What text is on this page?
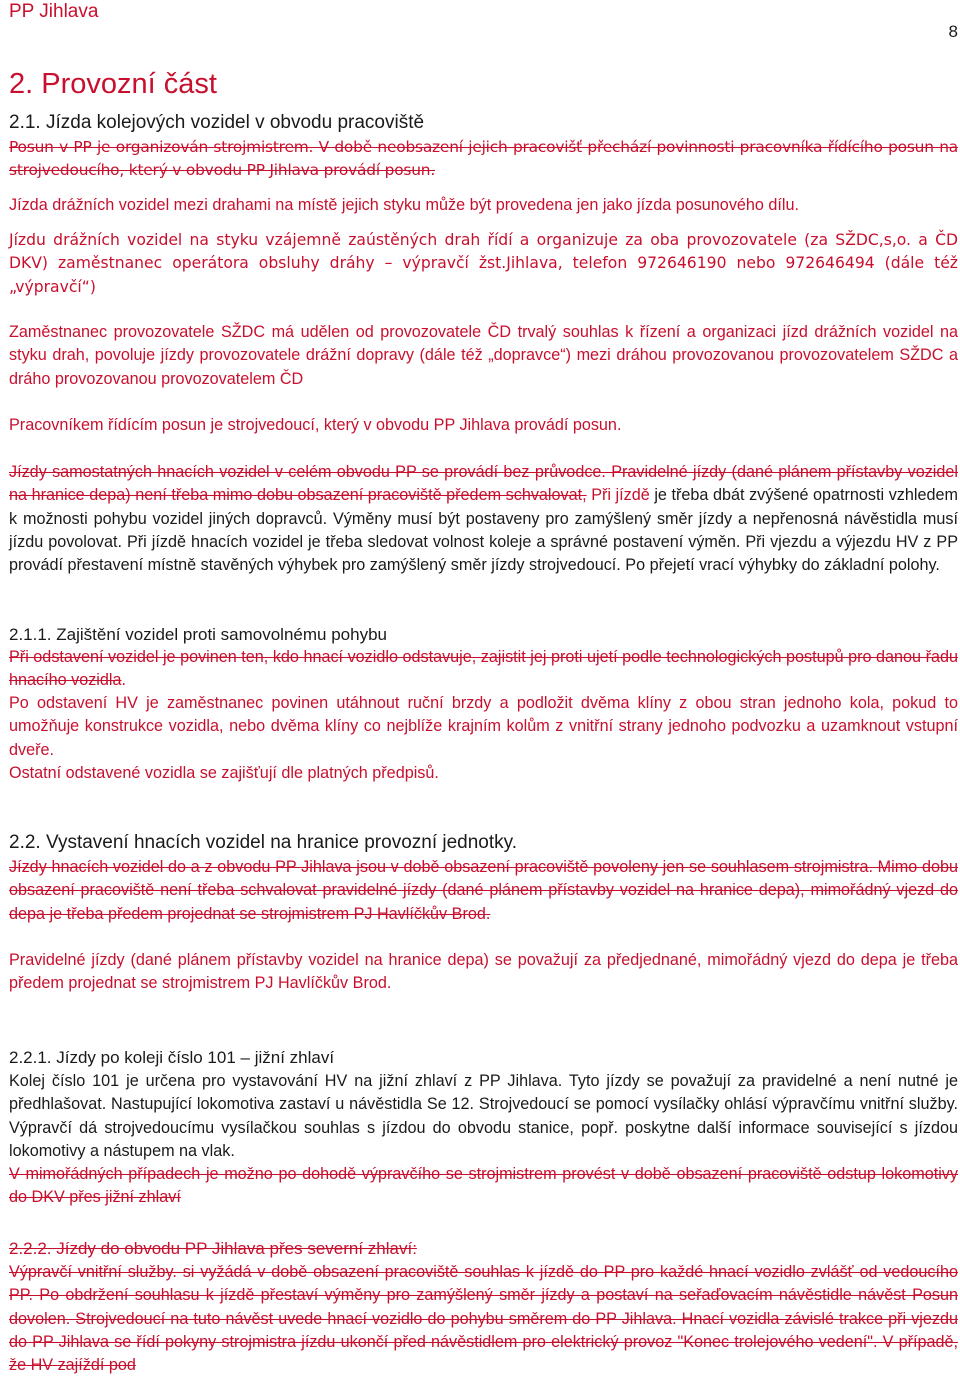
PP Jihlava
8
2. Provozní část
2.1. Jízda kolejových vozidel v obvodu pracoviště

Posun v PP je organizován strojmistrem. V době neobsazení jejich pracovišť přechází povinnosti pracovníka řídícího posun na strojvedoucího, který v obvodu PP Jihlava provádí posun.

Jízda drážních vozidel mezi drahami na místě jejich styku může být provedena jen jako jízda posunového dílu.

Jízdu drážních vozidel na styku vzájemně zaústěných drah řídí a organizuje za oba provozovatele (za SŽDC,s,o. a ČD DKV) zaměstnanec operátora obsluhy dráhy – výpravčí žst.Jihlava, telefon 972646190 nebo 972646494 (dále též „výpravčí“)

Zaměstnanec provozovatele SŽDC má udělen od provozovatele ČD trvalý souhlas k řízení a organizaci jízd drážních vozidel na styku drah, povoluje jízdy provozovatele drážní dopravy (dále též „dopravce“) mezi dráhou provozovanou provozovatelem SŽDC a dráho provozovanou provozovatelem ČD

Pracovníkem řídícím posun je strojvedoucí, který v obvodu PP Jihlava provádí posun.

Jízdy samostatných hnacích vozidel v celém obvodu PP se provádí bez průvodce. Pravidelné jízdy (dané plánem přístavby vozidel na hranice depa) není třeba mimo dobu obsazení pracoviště předem schvalovat, Při jízdě je třeba dbát zvýšené opatrnosti vzhledem k možnosti pohybu vozidel jiných dopravců. Výměny musí být postaveny pro zamýšlený směr jízdy a nepřenosná návěstidla musí jízdu povolovat. Při jízdě hnacích vozidel je třeba sledovat volnost koleje a správné postavení výměn. Při vjezdu a výjezdu HV z PP provádí přestavení místně stavěných výhybek pro zamýšlený směr jízdy strojvedoucí. Po přejetí vrací výhybky do základní polohy.

2.1.1. Zajištění vozidel proti samovolnému pohybu

Při odstavení vozidel je povinen ten, kdo hnací vozidlo odstavuje, zajistit jej proti ujetí podle technologických postupů pro danou řadu hnacího vozidla.

Po odstavení HV je zaměstnanec povinen utáhnout ruční brzdy a podložit dvěma klíny z obou stran jednoho kola, pokud to umožňuje konstrukce vozidla, nebo dvěma klíny co nejblíže krajním kolům z vnitřní strany jednoho podvozku a uzamknout vstupní dveře.

Ostatní odstavené vozidla se zajišťují dle platných předpisů.

2.2. Vystavení hnacích vozidel na hranice provozní jednotky.

Jízdy hnacích vozidel do a z obvodu PP Jihlava jsou v době obsazení pracoviště povoleny jen se souhlasem strojmistra. Mimo dobu obsazení pracoviště není třeba schvalovat pravidelné jízdy (dané plánem přístavby vozidel na hranice depa), mimořádný vjezd do depa je třeba předem projednat se strojmistrem PJ Havlíčkův Brod.

Pravidelné jízdy (dané plánem přístavby vozidel na hranice depa) se považují za předjednané, mimořádný vjezd do depa je třeba předem projednat se strojmistrem PJ Havlíčkův Brod.

2.2.1. Jízdy po koleji číslo 101 – jižní zhlaví

Kolej číslo 101 je určena pro vystavování HV na jižní zhlaví z PP Jihlava. Tyto jízdy se považují za pravidelné a není nutné je předhlašovat. Nastupující lokomotiva zastaví u návěstidla Se 12. Strojvedoucí se pomocí vysílačky ohlásí výpravčímu vnitřní služby. Výpravčí dá strojvedoucímu vysílačkou souhlas s jízdou do obvodu stanice, popř. poskytne další informace související s jízdou lokomotivy a nástupem na vlak.

V mimořádných případech je možno po dohodě výpravčího se strojmistrem provést v době obsazení pracoviště odstup lokomotivy do DKV přes jižní zhlaví

2.2.2. Jízdy do obvodu PP Jihlava přes severní zhlaví:

Výpravčí vnitřní služby. si vyžádá v době obsazení pracoviště souhlas k jízdě do PP pro každé hnací vozidlo zvlášť od vedoucího PP. Po obdržení souhlasu k jízdě přestaví výměny pro zamýšlený směr jízdy a postaví na seřaďovacím návěstidle návěst Posun dovolen. Strojvedoucí na tuto návěst uvede hnací vozidlo do pohybu směrem do PP Jihlava. Hnací vozidla závislé trakce při vjezdu do PP Jihlava se řídí pokyny strojmistra jízdu ukončí před návěstidlem pro elektrický provoz "Konec trolejového vedení". V případě, že HV zajíždí pod
